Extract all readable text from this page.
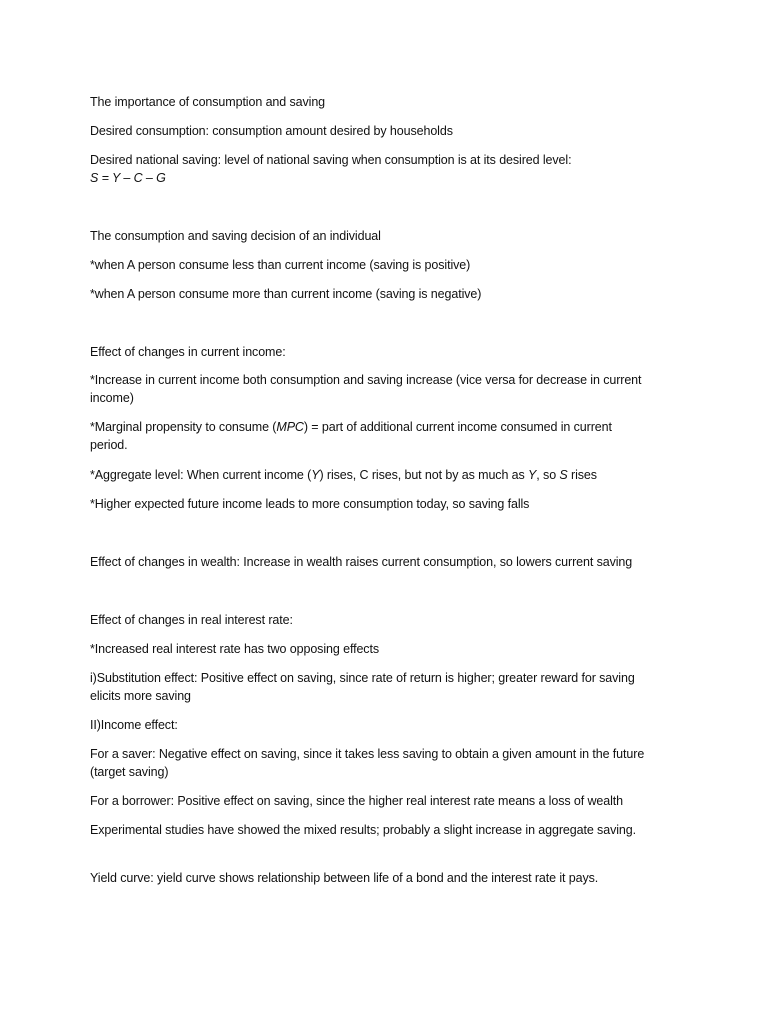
The importance of consumption and saving
Desired consumption: consumption amount desired by households
Desired national saving: level of national saving when consumption is at its desired level:
S = Y – C – G
The consumption and saving decision of an individual
*when A person consume less than current income (saving is positive)
*when A person consume more than current income (saving is negative)
Effect of changes in current income:
*Increase in current income both consumption and saving increase (vice versa for decrease in current
income)
*Marginal propensity to consume (MPC) = part of additional current income consumed in current
period.
*Aggregate level: When current income (Y) rises, C rises, but not by as much as Y, so S rises
*Higher expected future income leads to more consumption today, so saving falls
Effect of changes in wealth: Increase in wealth raises current consumption, so lowers current saving
Effect of changes in real interest rate:
*Increased real interest rate has two opposing effects
i)Substitution effect: Positive effect on saving, since rate of return is higher; greater reward for saving
elicits more saving
II)Income effect:
For a saver: Negative effect on saving, since it takes less saving to obtain a given amount in the future
(target saving)
For a borrower: Positive effect on saving, since the higher real interest rate means a loss of wealth
Experimental studies have showed the mixed results; probably a slight increase in aggregate saving.
Yield curve: yield curve shows relationship between life of a bond and the interest rate it pays.
